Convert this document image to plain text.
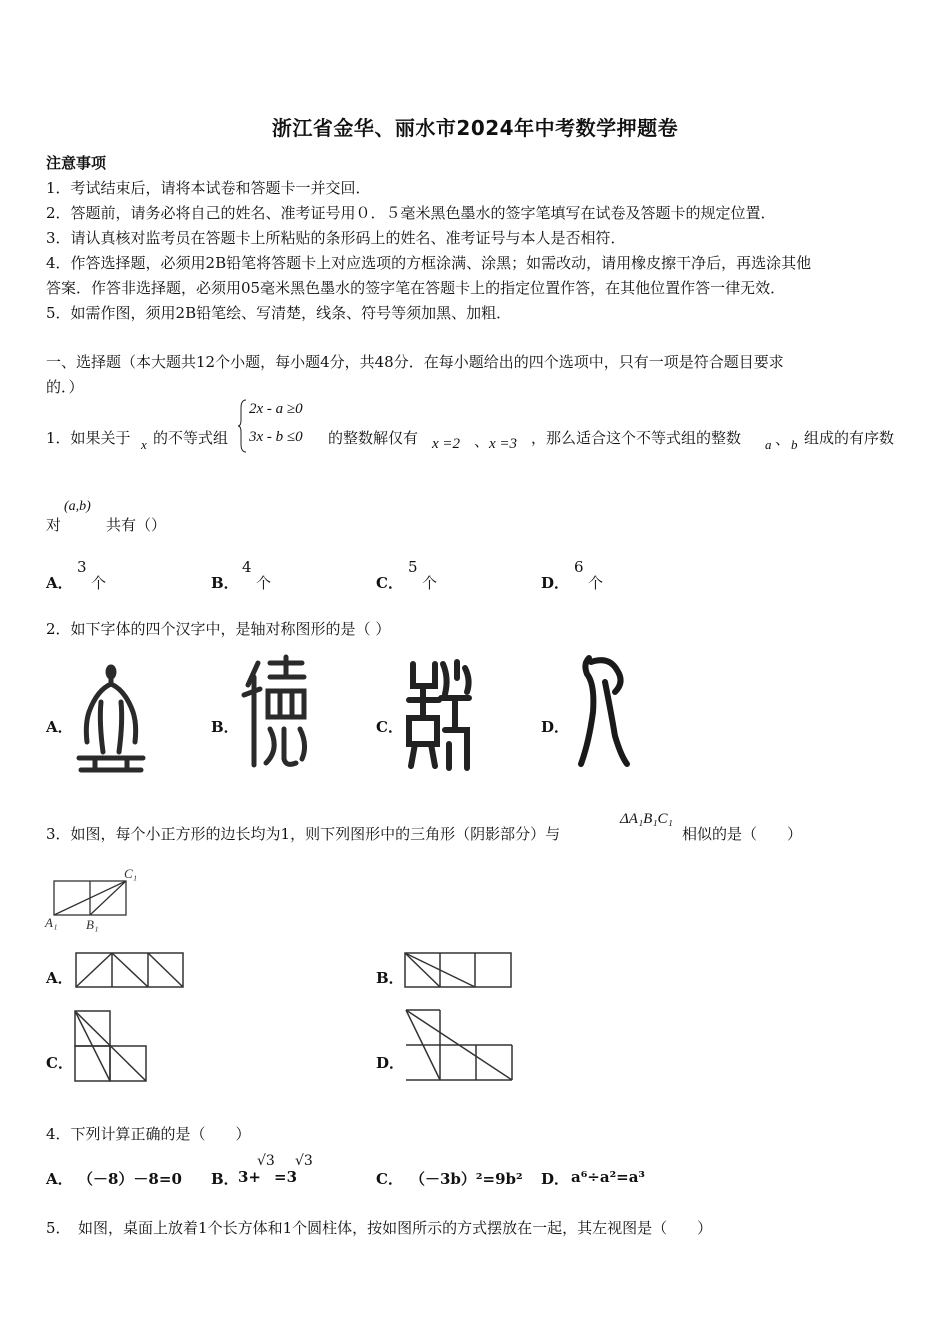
浙江省金华、丽水市2024年中考数学押题卷
注意事项
1．考试结束后，请将本试卷和答题卡一并交回．
2．答题前，请务必将自己的姓名、准考证号用０．５毫米黑色墨水的签字笔填写在试卷及答题卡的规定位置．
3．请认真核对监考员在答题卡上所粘贴的条形码上的姓名、准考证号与本人是否相符．
4．作答选择题，必须用2B铅笔将答题卡上对应选项的方框涂满、涂黑；如需改动，请用橡皮擦干净后，再选涂其他
答案．作答非选择题，必须用05毫米黑色墨水的签字笔在答题卡上的指定位置作答，在其他位置作答一律无效．
5．如需作图，须用2B铅笔绘、写清楚，线条、符号等须加黑、加粗．
一、选择题（本大题共12个小题，每小题4分，共48分．在每小题给出的四个选项中，只有一项是符合题目要求
的．）
1．如果关于 x 的不等式组
2x - a ≥0
3x - b ≤0 的整数解仅有 x =2 、 x =3 ，那么适合这个不等式组的整数 a 、 b 组成的有序数
对
(a,b)
共有（）
A．
3
个	B．
4
个	C．
5
个	D．
6
个
2．如下字体的四个汉字中，是轴对称图形的是（ ）
A．	B．	C．	D．
3．如图，每个小正方形的边长均为1，则下列图形中的三角形（阴影部分）与
ΔA₁B₁C₁
相似的是（　　）
C₁
A₁ B₁
A．	B．
C．	D．
4．下列计算正确的是（　　）
A． （－8）－8=0 B． 3+
√3
=3
√3
C． （－3b）²=9b² D． a⁶÷a²=a³
5．　如图，桌面上放着1个长方体和1个圆柱体，按如图所示的方式摆放在一起，其左视图是（　　）
